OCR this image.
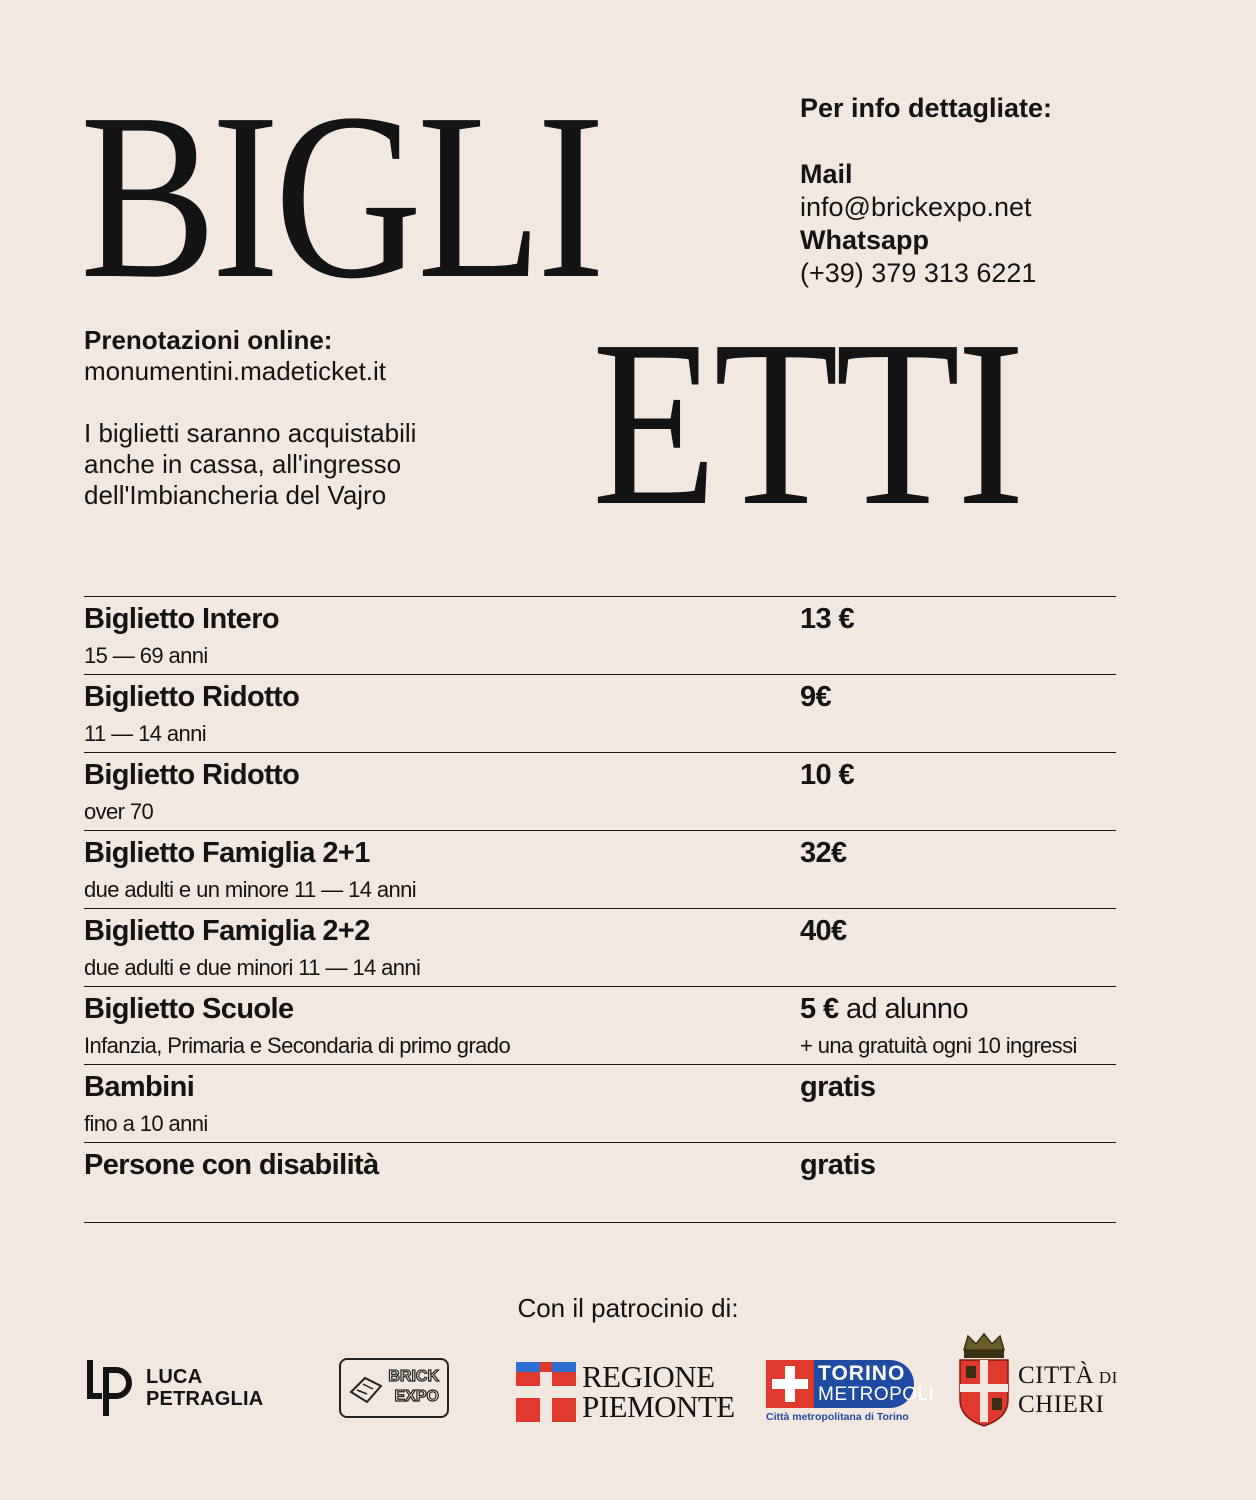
BIGLI
ETTI
Per info dettagliate:
Mail
info@brickexpo.net
Whatsapp
(+39) 379 313 6221
Prenotazioni online:
monumentini.madeticket.it
I biglietti saranno acquistabili
anche in cassa, all'ingresso
dell'Imbiancheria del Vajro
Biglietto Intero
15 — 69 anni
13 €
Biglietto Ridotto
11 — 14 anni
9€
Biglietto Ridotto
over 70
10 €
Biglietto Famiglia 2+1
due adulti e un minore 11 — 14 anni
32€
Biglietto Famiglia 2+2
due adulti e due minori 11 — 14 anni
40€
Biglietto Scuole
Infanzia, Primaria e Secondaria di primo grado
5 € ad alunno
+ una gratuità ogni 10 ingressi
Bambini
fino a 10 anni
gratis
Persone con disabilità	gratis
Con il patrocinio di:
LUCA
PETRAGLIA
BRICK
EXPO
REGIONE
PIEMONTE
TORINO
METROPOLI
Città metropolitana di Torino
CITTÀ DI
CHIERI
